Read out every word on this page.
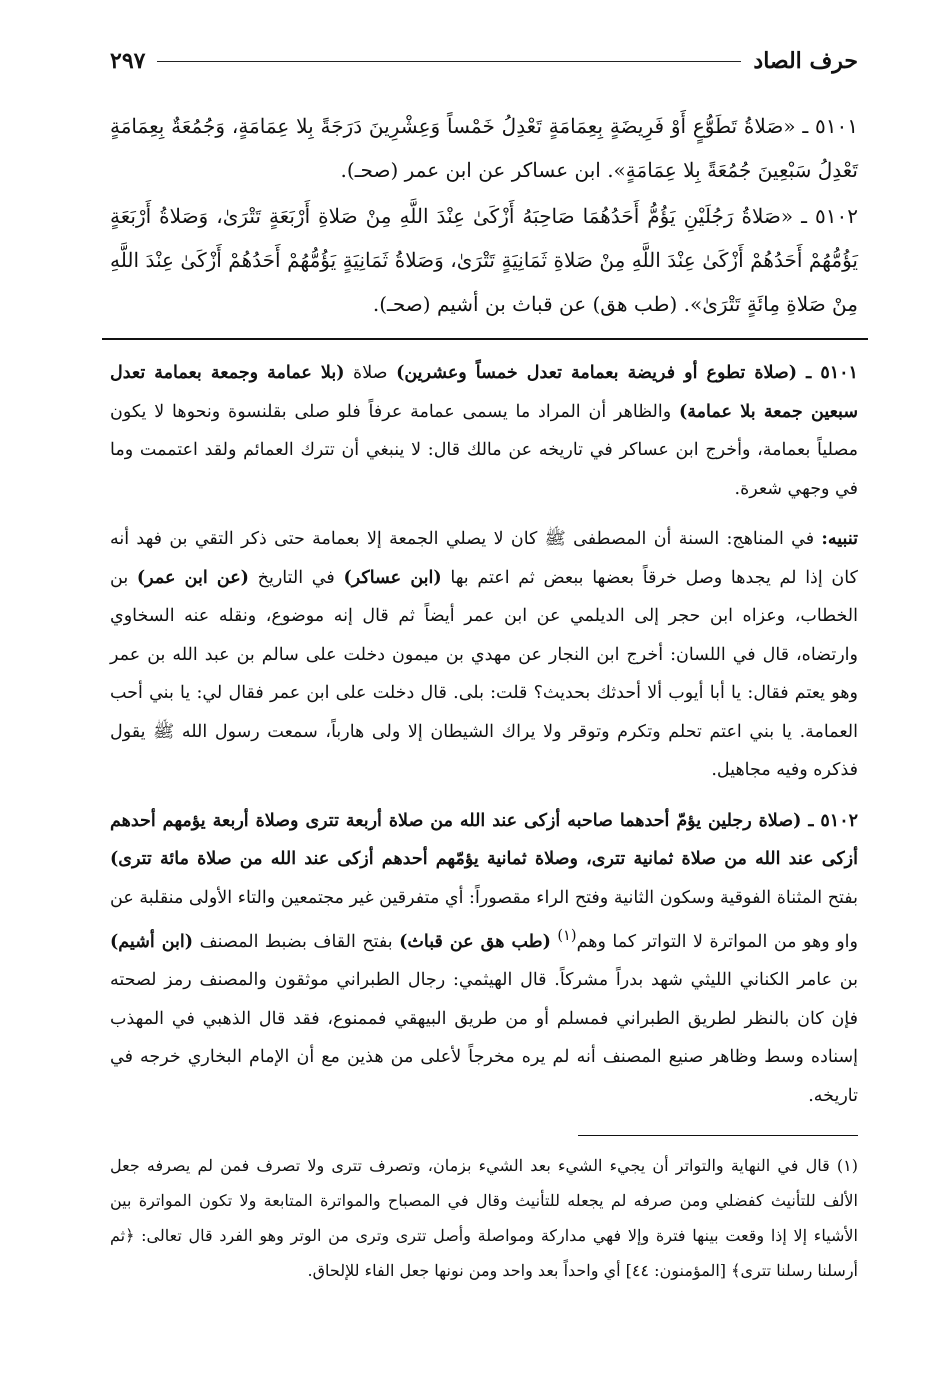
حرف الصاد
٢٩٧

٥١٠١ ـ «صَلاةُ تَطَوُّعٍ أَوْ فَرِيضَةٍ بِعِمَامَةٍ تَعْدِلُ خَمْساً وَعِشْرِينَ دَرَجَةً بِلا عِمَامَةٍ، وَجُمُعَةٌ بِعِمَامَةٍ تَعْدِلُ سَبْعِينَ جُمُعَةً بِلا عِمَامَةٍ». ابن عساكر عن ابن عمر (صحـ).

٥١٠٢ ـ «صَلاةُ رَجُلَيْنِ يَؤُمُّ أَحَدُهُمَا صَاحِبَهُ أَزْكَىٰ عِنْدَ اللَّهِ مِنْ صَلاةِ أَرْبَعَةٍ تَتْرَىٰ، وَصَلاةُ أَرْبَعَةٍ يَؤُمُّهُمْ أَحَدُهُمْ أَزْكَىٰ عِنْدَ اللَّهِ مِنْ صَلاةِ ثَمَانِيَةٍ تَتْرَىٰ، وَصَلاةُ ثَمَانِيَةٍ يَؤُمُّهُمْ أَحَدُهُمْ أَزْكَىٰ عِنْدَ اللَّهِ مِنْ صَلاةِ مِائَةٍ تَتْرَىٰ». (طب هق) عن قباث بن أشيم (صحـ).

٥١٠١ ـ (صلاة تطوع أو فريضة بعمامة تعدل خمساً وعشرين) صلاة (بلا عمامة وجمعة بعمامة تعدل سبعين جمعة بلا عمامة) والظاهر أن المراد ما يسمى عمامة عرفاً فلو صلى بقلنسوة ونحوها لا يكون مصلياً بعمامة، وأخرج ابن عساكر في تاريخه عن مالك قال: لا ينبغي أن تترك العمائم ولقد اعتممت وما في وجهي شعرة.

تنبيه: في المناهج: السنة أن المصطفى ﷺ كان لا يصلي الجمعة إلا بعمامة حتى ذكر التقي بن فهد أنه كان إذا لم يجدها وصل خرقاً بعضها ببعض ثم اعتم بها (ابن عساكر) في التاريخ (عن ابن عمر) بن الخطاب، وعزاه ابن حجر إلى الديلمي عن ابن عمر أيضاً ثم قال إنه موضوع، ونقله عنه السخاوي وارتضاه، قال في اللسان: أخرج ابن النجار عن مهدي بن ميمون دخلت على سالم بن عبد الله بن عمر وهو يعتم فقال: يا أبا أيوب ألا أحدثك بحديث؟ قلت: بلى. قال دخلت على ابن عمر فقال لي: يا بني أحب العمامة. يا بني اعتم تحلم وتكرم وتوقر ولا يراك الشيطان إلا ولى هارباً، سمعت رسول الله ﷺ يقول فذكره وفيه مجاهيل.

٥١٠٢ ـ (صلاة رجلين يؤمّ أحدهما صاحبه أزكى عند الله من صلاة أربعة تترى وصلاة أربعة يؤمهم أحدهم أزكى عند الله من صلاة ثمانية تترى، وصلاة ثمانية يؤمّهم أحدهم أزكى عند الله من صلاة مائة تترى) بفتح المثناة الفوقية وسكون الثانية وفتح الراء مقصوراً: أي متفرقين غير مجتمعين والتاء الأولى منقلبة عن واو وهو من المواترة لا التواتر كما وهم$^{(١)}$ (طب هق عن قباث) بفتح القاف بضبط المصنف (ابن أشيم) بن عامر الكناني الليثي شهد بدراً مشركاً. قال الهيثمي: رجال الطبراني موثقون والمصنف رمز لصحته فإن كان بالنظر لطريق الطبراني فمسلم أو من طريق البيهقي فممنوع، فقد قال الذهبي في المهذب إسناده وسط وظاهر صنيع المصنف أنه لم يره مخرجاً لأعلى من هذين مع أن الإمام البخاري خرجه في تاريخه.

(١) قال في النهاية والتواتر أن يجيء الشيء بعد الشيء بزمان، وتصرف تترى ولا تصرف فمن لم يصرفه جعل الألف للتأنيث كفضلي ومن صرفه لم يجعله للتأنيث وقال في المصباح والمواترة المتابعة ولا تكون المواترة بين الأشياء إلا إذا وقعت بينها فترة وإلا فهي مداركة ومواصلة وأصل تترى وترى من الوتر وهو الفرد قال تعالى: ﴿ثم أرسلنا رسلنا تترى﴾ [المؤمنون: ٤٤] أي واحداً بعد واحد ومن نونها جعل الفاء للإلحاق.
